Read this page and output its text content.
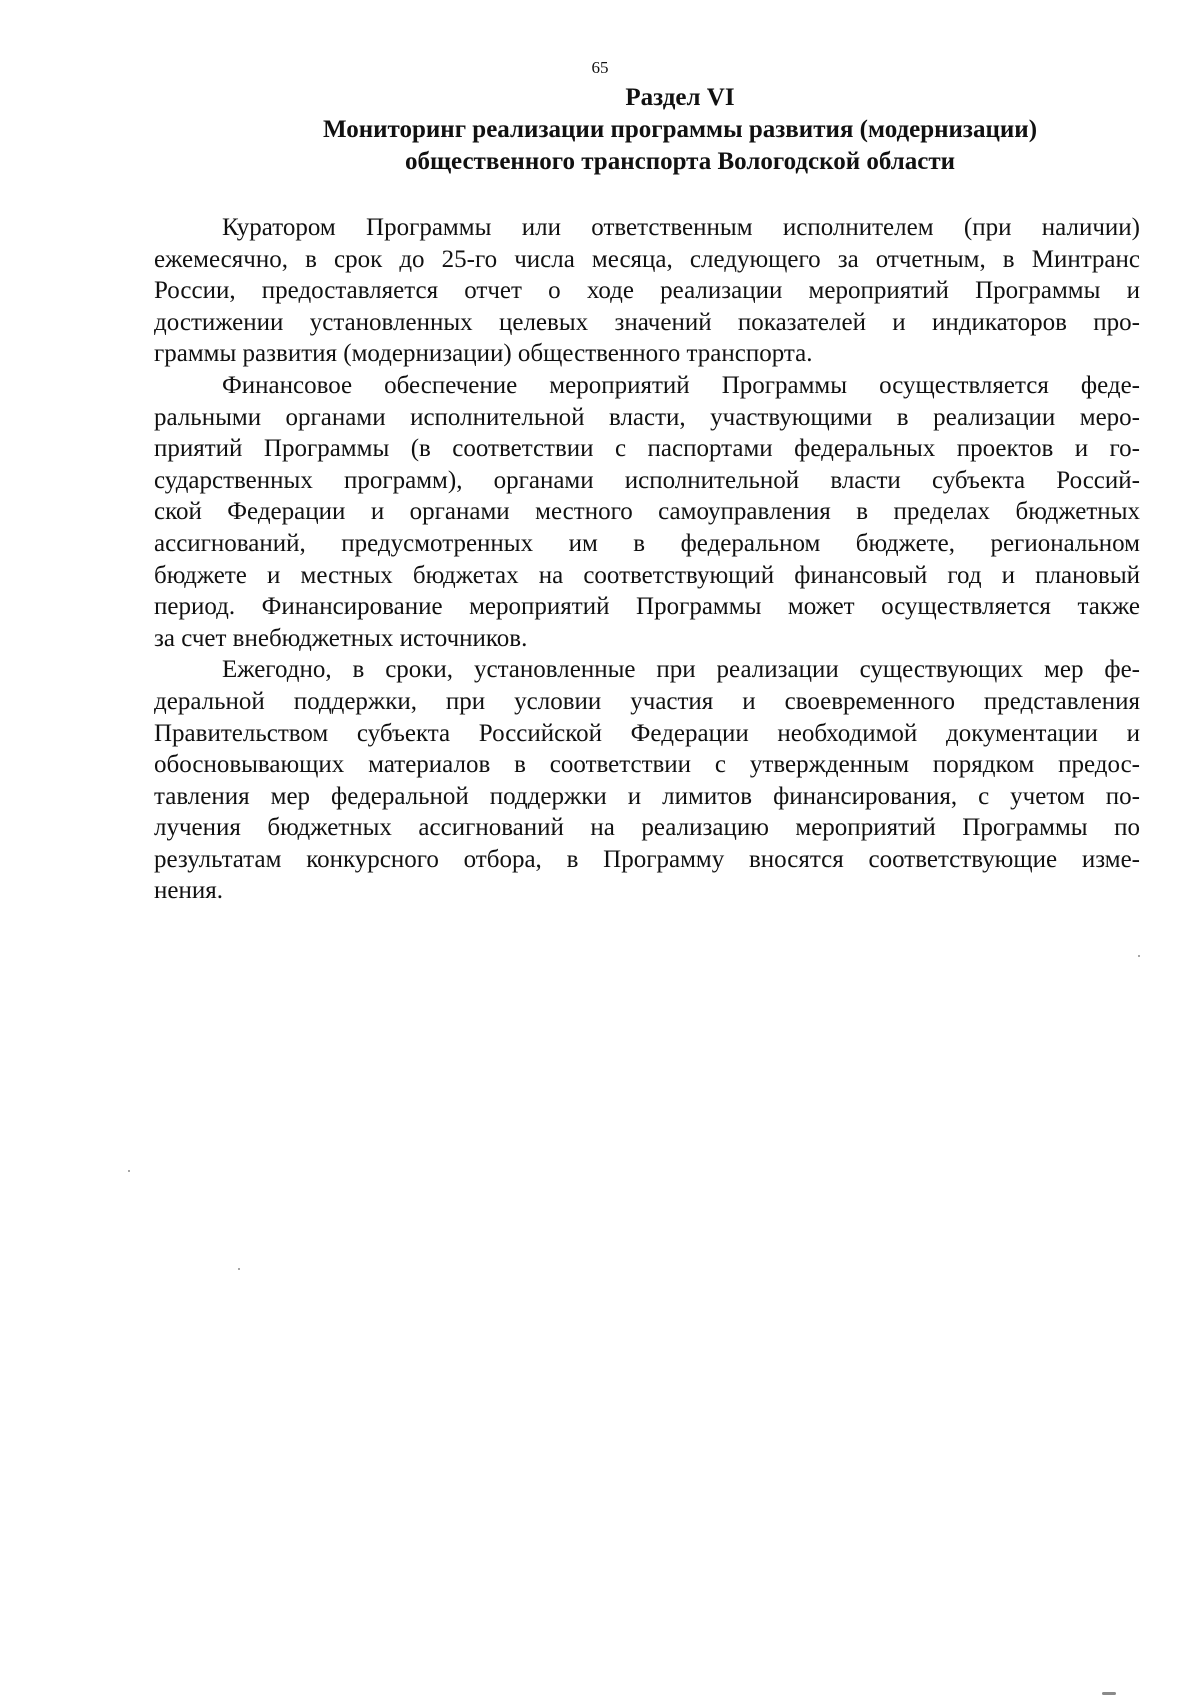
65
Раздел VI
Мониторинг реализации программы развития (модернизации)
общественного транспорта Вологодской области
Куратором Программы или ответственным исполнителем (при наличии)
ежемесячно, в срок до 25-го числа месяца, следующего за отчетным, в Минтранс
России, предоставляется отчет о ходе реализации мероприятий Программы и
достижении установленных целевых значений показателей и индикаторов про-
граммы развития (модернизации) общественного транспорта.
Финансовое обеспечение мероприятий Программы осуществляется феде-
ральными органами исполнительной власти, участвующими в реализации меро-
приятий Программы (в соответствии с паспортами федеральных проектов и го-
сударственных программ), органами исполнительной власти субъекта Россий-
ской Федерации и органами местного самоуправления в пределах бюджетных
ассигнований, предусмотренных им в федеральном бюджете, региональном
бюджете и местных бюджетах на соответствующий финансовый год и плановый
период. Финансирование мероприятий Программы может осуществляется также
за счет внебюджетных источников.
Ежегодно, в сроки, установленные при реализации существующих мер фе-
деральной поддержки, при условии участия и своевременного представления
Правительством субъекта Российской Федерации необходимой документации и
обосновывающих материалов в соответствии с утвержденным порядком предос-
тавления мер федеральной поддержки и лимитов финансирования, с учетом по-
лучения бюджетных ассигнований на реализацию мероприятий Программы по
результатам конкурсного отбора, в Программу вносятся соответствующие изме-
нения.
